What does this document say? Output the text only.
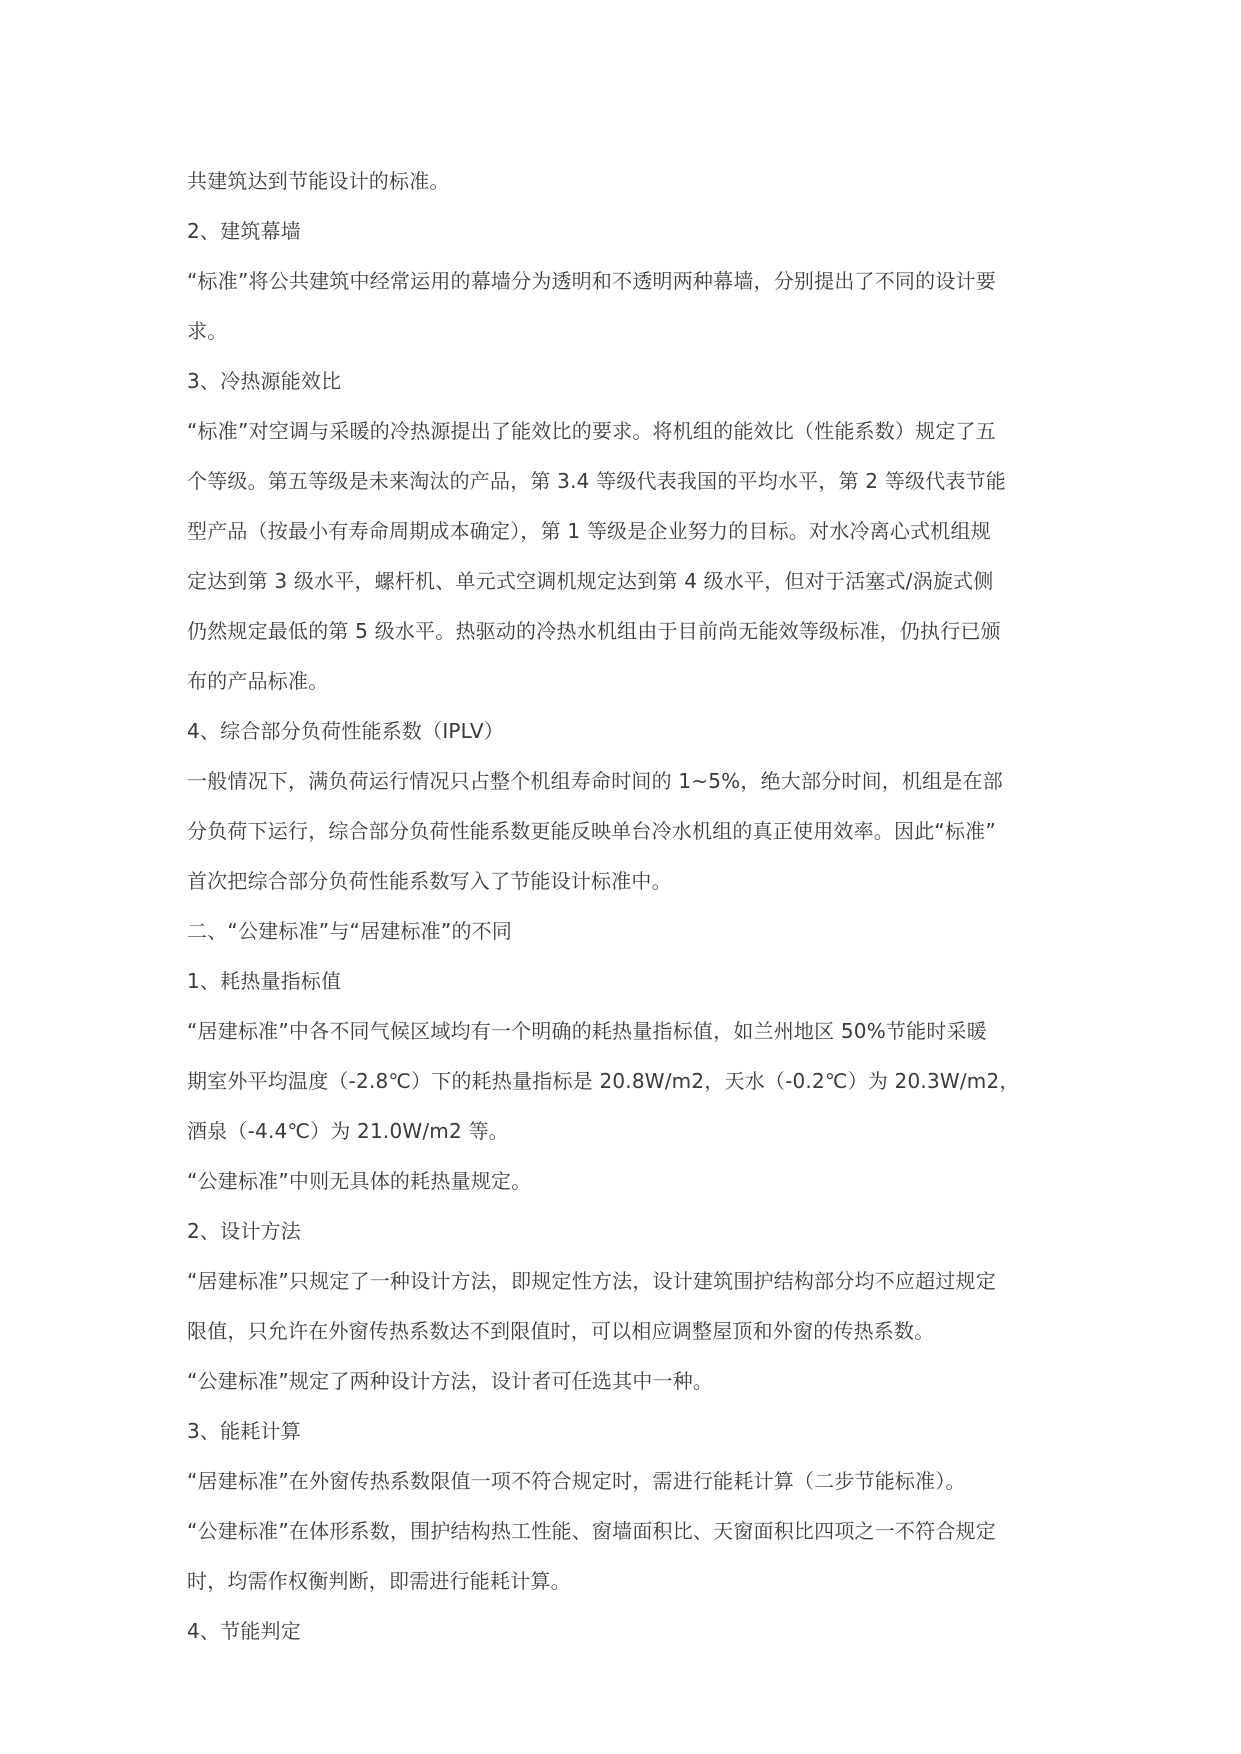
共建筑达到节能设计的标准。
2、建筑幕墙
“标准”将公共建筑中经常运用的幕墙分为透明和不透明两种幕墙，分别提出了不同的设计要
求。
3、冷热源能效比
“标准”对空调与采暖的冷热源提出了能效比的要求。将机组的能效比（性能系数）规定了五
个等级。第五等级是未来淘汰的产品，第 3.4 等级代表我国的平均水平，第 2 等级代表节能
型产品（按最小有寿命周期成本确定），第 1 等级是企业努力的目标。对水冷离心式机组规
定达到第 3 级水平，螺杆机、单元式空调机规定达到第 4 级水平，但对于活塞式/涡旋式侧
仍然规定最低的第 5 级水平。热驱动的冷热水机组由于目前尚无能效等级标准，仍执行已颁
布的产品标准。
4、综合部分负荷性能系数（IPLV）
一般情况下，满负荷运行情况只占整个机组寿命时间的 1~5%，绝大部分时间，机组是在部
分负荷下运行，综合部分负荷性能系数更能反映单台冷水机组的真正使用效率。因此“标准”
首次把综合部分负荷性能系数写入了节能设计标准中。
二、“公建标准”与“居建标准”的不同
1、耗热量指标值
“居建标准”中各不同气候区域均有一个明确的耗热量指标值，如兰州地区 50%节能时采暖
期室外平均温度（-2.8℃）下的耗热量指标是 20.8W/m2，天水（-0.2℃）为 20.3W/m2，
酒泉（-4.4℃）为 21.0W/m2 等。
“公建标准”中则无具体的耗热量规定。
2、设计方法
“居建标准”只规定了一种设计方法，即规定性方法，设计建筑围护结构部分均不应超过规定
限值，只允许在外窗传热系数达不到限值时，可以相应调整屋顶和外窗的传热系数。
“公建标准”规定了两种设计方法，设计者可任选其中一种。
3、能耗计算
“居建标准”在外窗传热系数限值一项不符合规定时，需进行能耗计算（二步节能标准）。
“公建标准”在体形系数，围护结构热工性能、窗墙面积比、天窗面积比四项之一不符合规定
时，均需作权衡判断，即需进行能耗计算。
4、节能判定
